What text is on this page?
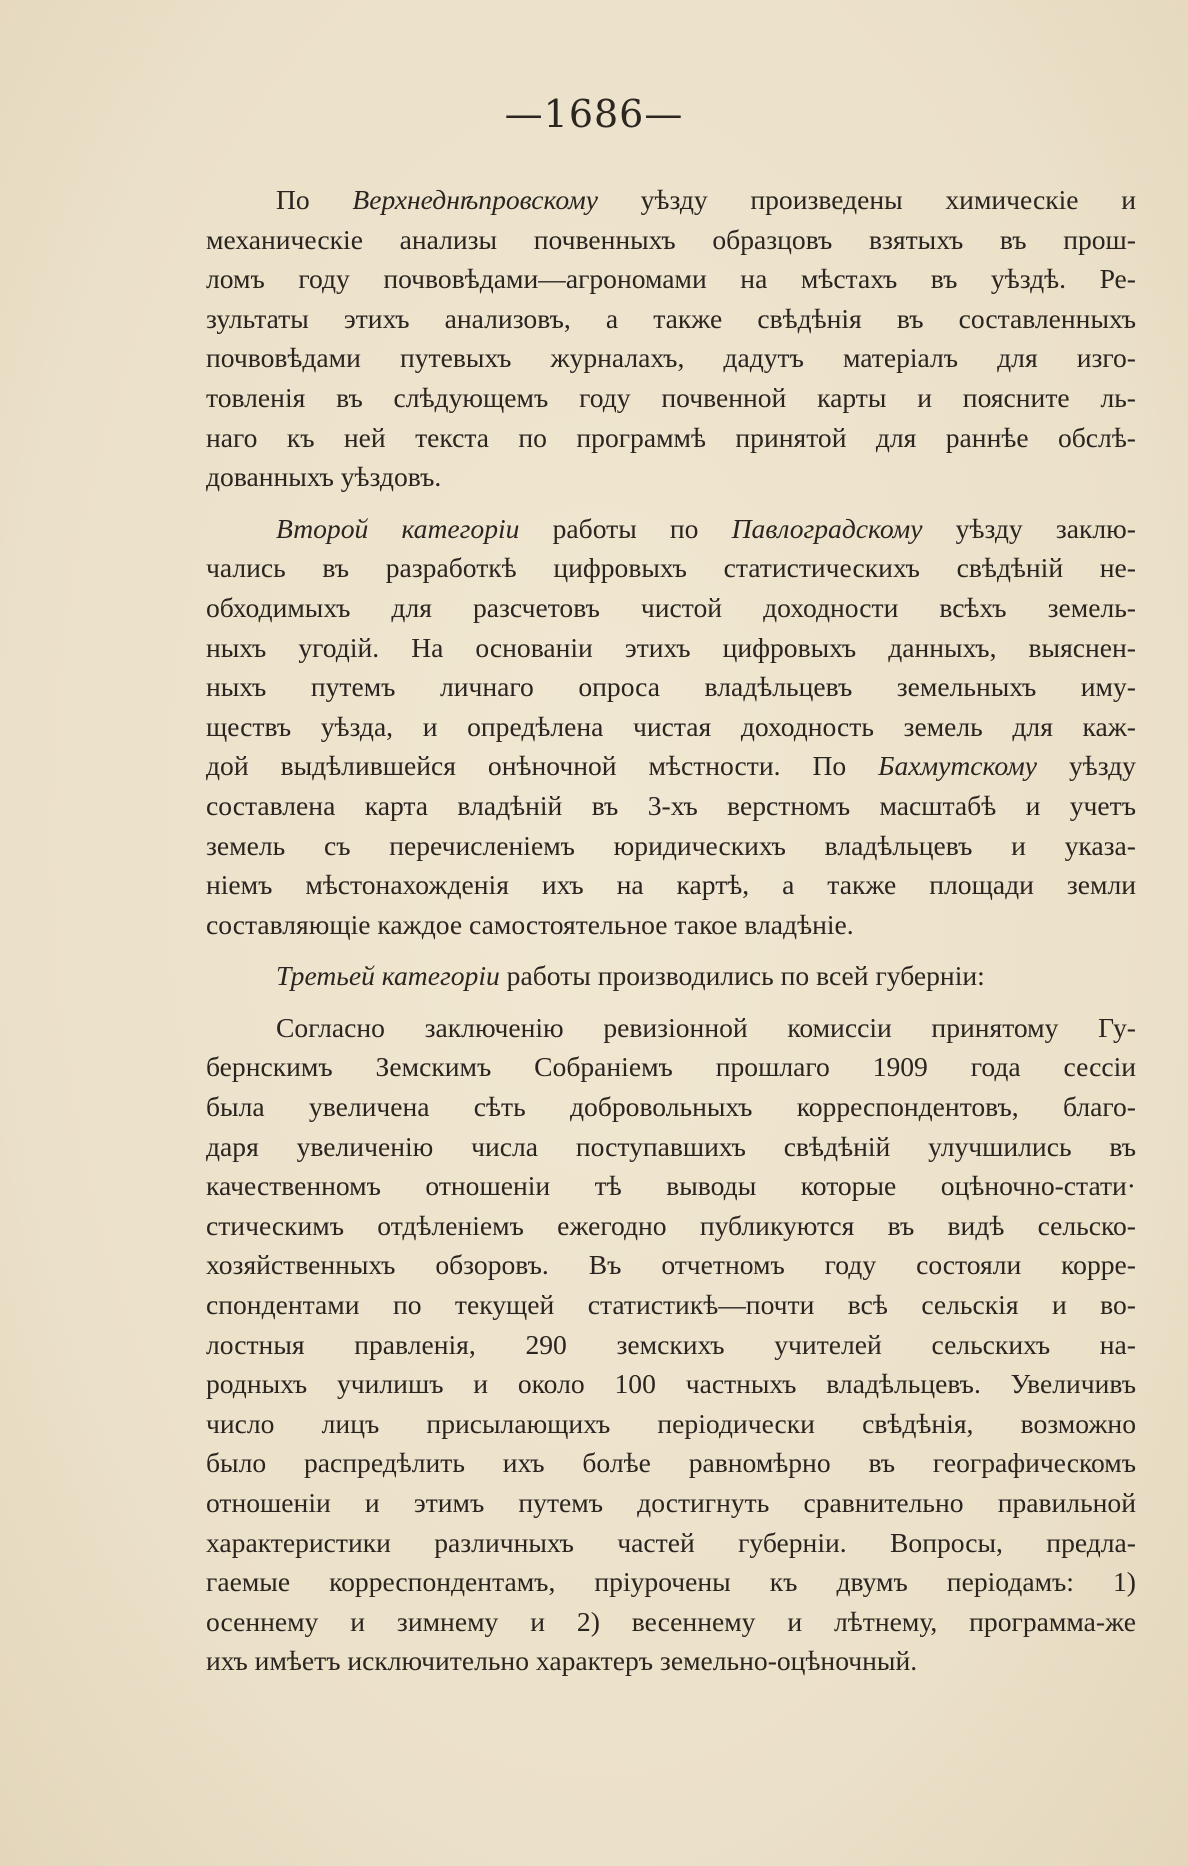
—1686—
По Верхнеднѣпровскому уѣзду произведены химическіе и
механическіе анализы почвенныхъ образцовъ взятыхъ въ прош-
ломъ году почвовѣдами—агрономами на мѣстахъ въ уѣздѣ. Ре-
зультаты этихъ анализовъ, а также свѣдѣнія въ составленныхъ
почвовѣдами путевыхъ журналахъ, дадутъ матеріалъ для изго-
товленія въ слѣдующемъ году почвенной карты и поясните ль-
наго къ ней текста по программѣ принятой для раннѣе обслѣ-
дованныхъ уѣздовъ.
Второй категоріи работы по Павлоградскому уѣзду заклю-
чались въ разработкѣ цифровыхъ статистическихъ свѣдѣній не-
обходимыхъ для разсчетовъ чистой доходности всѣхъ земель-
ныхъ угодій. На основаніи этихъ цифровыхъ данныхъ, выяснен-
ныхъ путемъ личнаго опроса владѣльцевъ земельныхъ иму-
ществъ уѣзда, и опредѣлена чистая доходность земель для каж-
дой выдѣлившейся онѣночной мѣстности. По Бахмутскому уѣзду
составлена карта владѣній въ 3-хъ верстномъ масштабѣ и учетъ
земель съ перечисленіемъ юридическихъ владѣльцевъ и указа-
ніемъ мѣстонахожденія ихъ на картѣ, а также площади земли
составляющіе каждое самостоятельное такое владѣніе.
Третьей категоріи работы производились по всей губерніи:
Согласно заключенію ревизіонной комиссіи принятому Гу-
бернскимъ Земскимъ Собраніемъ прошлаго 1909 года сессіи
была увеличена сѣть добровольныхъ корреспондентовъ, благо-
даря увеличенію числа поступавшихъ свѣдѣній улучшились въ
качественномъ отношеніи тѣ выводы которые оцѣночно-стати·
стическимъ отдѣленіемъ ежегодно публикуются въ видѣ сельско-
хозяйственныхъ обзоровъ. Въ отчетномъ году состояли корре-
спондентами по текущей статистикѣ—почти всѣ сельскія и во-
лостныя правленія, 290 земскихъ учителей сельскихъ на-
родныхъ училишъ и около 100 частныхъ владѣльцевъ. Увеличивъ
число лицъ присылающихъ періодически свѣдѣнія, возможно
было распредѣлить ихъ болѣе равномѣрно въ географическомъ
отношеніи и этимъ путемъ достигнуть сравнительно правильной
характеристики различныхъ частей губерніи. Вопросы, предла-
гаемые корреспондентамъ, пріурочены къ двумъ періодамъ: 1)
осеннему и зимнему и 2) весеннему и лѣтнему, программа-же
ихъ имѣетъ исключительно характеръ земельно-оцѣночный.
